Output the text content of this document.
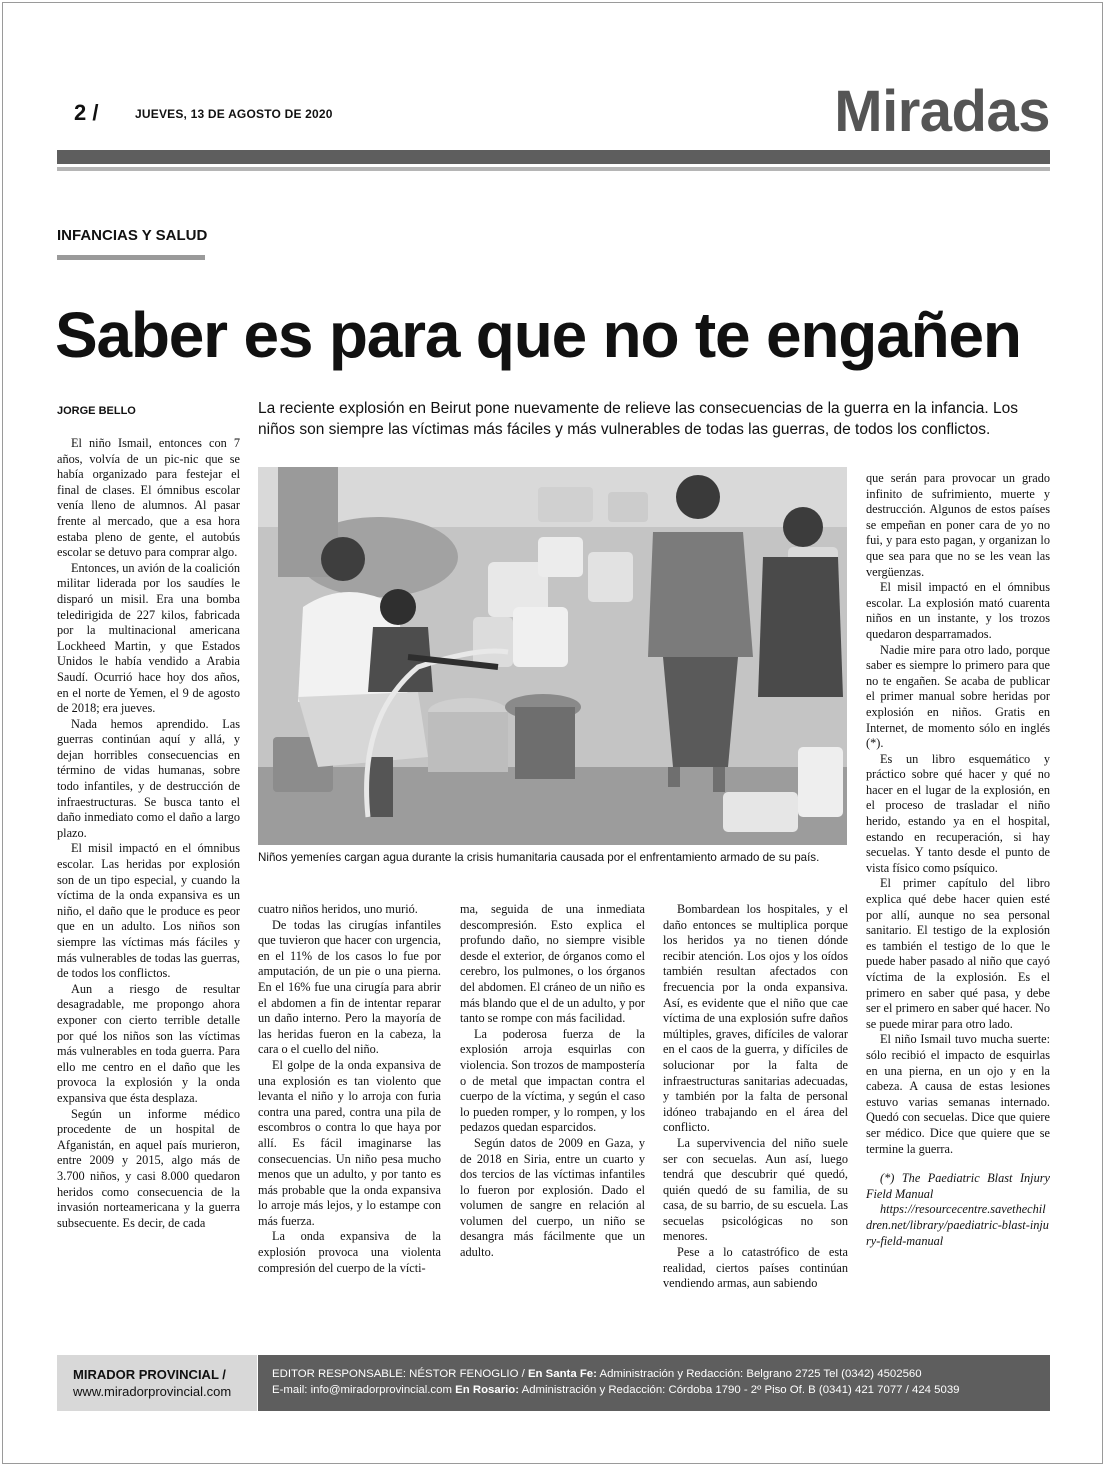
2 /	JUEVES, 13 DE AGOSTO DE 2020	Miradas
INFANCIAS Y SALUD
Saber es para que no te engañen
JORGE BELLO	La reciente explosión en Beirut pone nuevamente de relieve las consecuencias de la guerra en la infancia. Los niños son siempre las víctimas más fáciles y más vulnerables de todas las guerras, de todos los conflictos.
Niños yemeníes cargan agua durante la crisis humanitaria causada por el enfrentamiento armado de su país.

El niño Ismail, entonces con 7 años, volvía de un pic-nic que se había organizado para festejar el final de clases. El ómnibus escolar venía lleno de alumnos. Al pasar frente al mercado, que a esa hora estaba pleno de gente, el autobús escolar se detuvo para comprar algo.

Entonces, un avión de la coalición militar liderada por los saudíes le disparó un misil. Era una bomba teledirigida de 227 kilos, fabricada por la multinacional americana Lockheed Martin, y que Estados Unidos le había vendido a Arabia Saudí. Ocurrió hace hoy dos años, en el norte de Yemen, el 9 de agosto de 2018; era jueves.

Nada hemos aprendido. Las guerras continúan aquí y allá, y dejan horribles consecuencias en término de vidas humanas, sobre todo infantiles, y de destrucción de infraestructuras. Se busca tanto el daño inmediato como el daño a largo plazo.

El misil impactó en el ómnibus escolar. Las heridas por explosión son de un tipo especial, y cuando la víctima de la onda expansiva es un niño, el daño que le produce es peor que en un adulto. Los niños son siempre las víctimas más fáciles y más vulnerables de todas las guerras, de todos los conflictos.

Aun a riesgo de resultar desagradable, me propongo ahora exponer con cierto terrible detalle por qué los niños son las víctimas más vulnerables en toda guerra. Para ello me centro en el daño que les provoca la explosión y la onda expansiva que ésta desplaza.

Según un informe médico procedente de un hospital de Afganistán, en aquel país murieron, entre 2009 y 2015, algo más de 3.700 niños, y casi 8.000 quedaron heridos como consecuencia de la invasión norteamericana y la guerra subsecuente. Es decir, de cada

cuatro niños heridos, uno murió.

De todas las cirugías infantiles que tuvieron que hacer con urgencia, en el 11% de los casos lo fue por amputación, de un pie o una pierna. En el 16% fue una cirugía para abrir el abdomen a fin de intentar reparar un daño interno. Pero la mayoría de las heridas fueron en la cabeza, la cara o el cuello del niño.

El golpe de la onda expansiva de una explosión es tan violento que levanta el niño y lo arroja con furia contra una pared, contra una pila de escombros o contra lo que haya por allí. Es fácil imaginarse las consecuencias. Un niño pesa mucho menos que un adulto, y por tanto es más probable que la onda expansiva lo arroje más lejos, y lo estampe con más fuerza.

La onda expansiva de la explosión provoca una violenta compresión del cuerpo de la vícti-

ma, seguida de una inmediata descompresión. Esto explica el profundo daño, no siempre visible desde el exterior, de órganos como el cerebro, los pulmones, o los órganos del abdomen. El cráneo de un niño es más blando que el de un adulto, y por tanto se rompe con más facilidad.

La poderosa fuerza de la explosión arroja esquirlas con violencia. Son trozos de mampostería o de metal que impactan contra el cuerpo de la víctima, y según el caso lo pueden romper, y lo rompen, y los pedazos quedan esparcidos.

Según datos de 2009 en Gaza, y de 2018 en Siria, entre un cuarto y dos tercios de las víctimas infantiles lo fueron por explosión. Dado el volumen de sangre en relación al volumen del cuerpo, un niño se desangra más fácilmente que un adulto.

Bombardean los hospitales, y el daño entonces se multiplica porque los heridos ya no tienen dónde recibir atención. Los ojos y los oídos también resultan afectados con frecuencia por la onda expansiva. Así, es evidente que el niño que cae víctima de una explosión sufre daños múltiples, graves, difíciles de valorar en el caos de la guerra, y difíciles de solucionar por la falta de infraestructuras sanitarias adecuadas, y también por la falta de personal idóneo trabajando en el área del conflicto.

La supervivencia del niño suele ser con secuelas. Aun así, luego tendrá que descubrir qué quedó, quién quedó de su familia, de su casa, de su barrio, de su escuela. Las secuelas psicológicas no son menores.

Pese a lo catastrófico de esta realidad, ciertos países continúan vendiendo armas, aun sabiendo

que serán para provocar un grado infinito de sufrimiento, muerte y destrucción. Algunos de estos países se empeñan en poner cara de yo no fui, y para esto pagan, y organizan lo que sea para que no se les vean las vergüenzas.

El misil impactó en el ómnibus escolar. La explosión mató cuarenta niños en un instante, y los trozos quedaron desparramados.

Nadie mire para otro lado, porque saber es siempre lo primero para que no te engañen. Se acaba de publicar el primer manual sobre heridas por explosión en niños. Gratis en Internet, de momento sólo en inglés (*).

Es un libro esquemático y práctico sobre qué hacer y qué no hacer en el lugar de la explosión, en el proceso de trasladar el niño herido, estando ya en el hospital, estando en recuperación, si hay secuelas. Y tanto desde el punto de vista físico como psíquico.

El primer capítulo del libro explica qué debe hacer quien esté por allí, aunque no sea personal sanitario. El testigo de la explosión es también el testigo de lo que le puede haber pasado al niño que cayó víctima de la explosión. Es el primero en saber qué pasa, y debe ser el primero en saber qué hacer. No se puede mirar para otro lado.

El niño Ismail tuvo mucha suerte: sólo recibió el impacto de esquirlas en una pierna, en un ojo y en la cabeza. A causa de estas lesiones estuvo varias semanas internado. Quedó con secuelas. Dice que quiere ser médico. Dice que quiere que se termine la guerra.

(*) The Paediatric Blast Injury Field Manual

https://resourcecentre.savethechildren.net/library/paediatric-blast-injury-field-manual

MIRADOR PROVINCIAL /
www.miradorprovincial.com
EDITOR RESPONSABLE: NÉSTOR FENOGLIO / En Santa Fe: Administración y Redacción: Belgrano 2725 Tel (0342) 4502560
E-mail: info@miradorprovincial.com En Rosario: Administración y Redacción: Córdoba 1790 - 2º Piso Of. B (0341) 421 7077 / 424 5039
